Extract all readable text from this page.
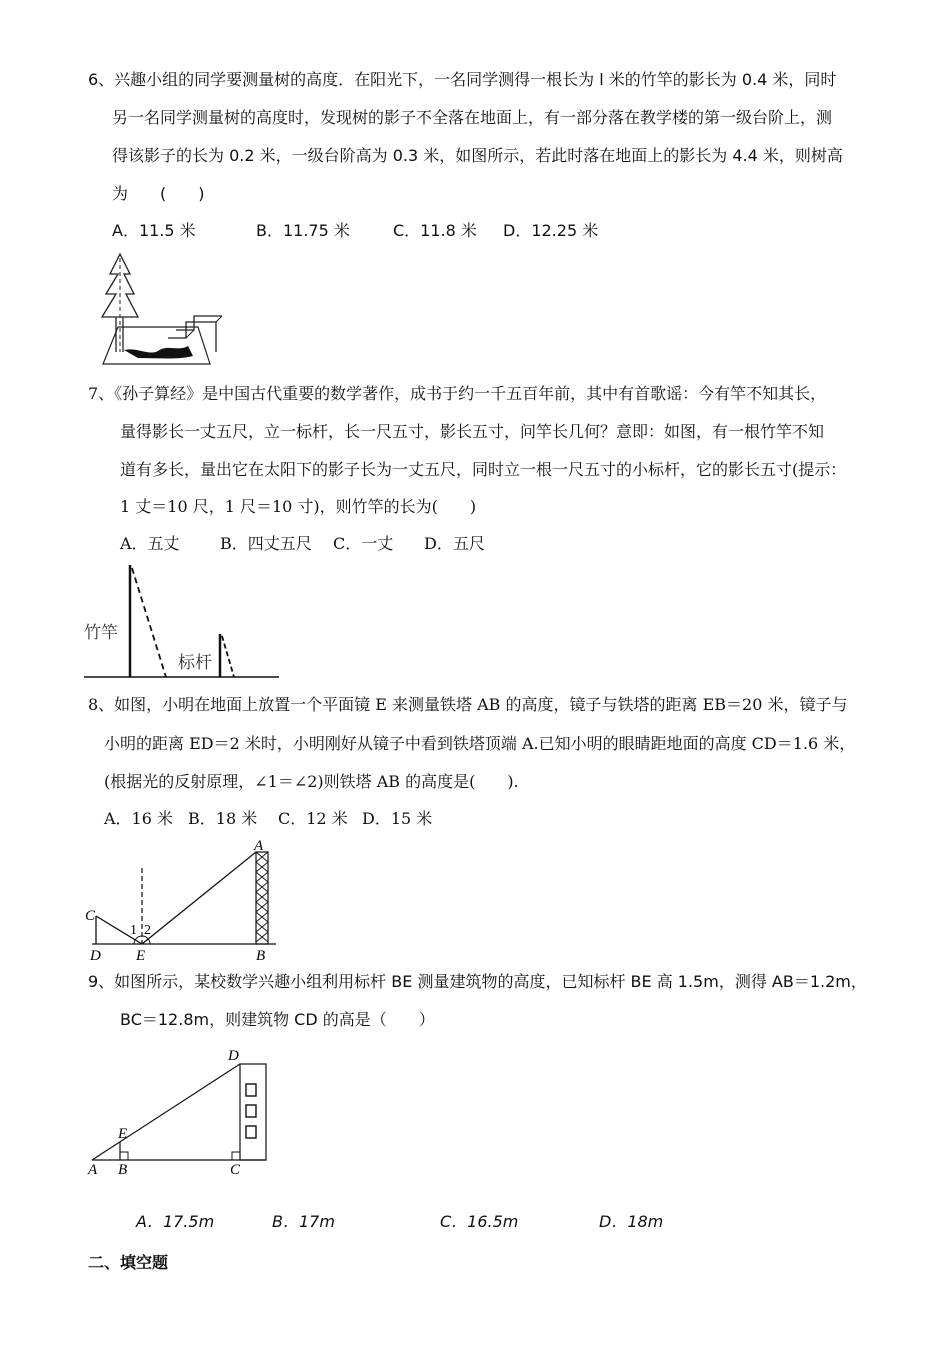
6、兴趣小组的同学要测量树的高度．在阳光下，一名同学测得一根长为 l 米的竹竿的影长为 0.4 米，同时
另一名同学测量树的高度时，发现树的影子不全落在地面上，有一部分落在教学楼的第一级台阶上，测
得该影子的长为 0.2 米，一级台阶高为 0.3 米，如图所示，若此时落在地面上的影长为 4.4 米，则树高
为　　(　　)
A．11.5 米	B．11.75 米	C．11.8 米 D．12.25 米
7、《孙子算经》是中国古代重要的数学著作，成书于约一千五百年前，其中有首歌谣：今有竿不知其长，
量得影长一丈五尺，立一标杆，长一尺五寸，影长五寸，问竿长几何？意即：如图，有一根竹竿不知
道有多长，量出它在太阳下的影子长为一丈五尺，同时立一根一尺五寸的小标杆，它的影长五寸(提示：
1 丈＝10 尺，1 尺＝10 寸)，则竹竿的长为(　　)
A．五丈	B．四丈五尺 C．一丈 D．五尺
竹竿
标杆
8、如图，小明在地面上放置一个平面镜 E 来测量铁塔 AB 的高度，镜子与铁塔的距离 EB＝20 米，镜子与
小明的距离 ED＝2 米时，小明刚好从镜子中看到铁塔顶端 A.已知小明的眼睛距地面的高度 CD＝1.6 米，
(根据光的反射原理，∠1＝∠2)则铁塔 AB 的高度是(　　).
A．16 米 B．18 米 C．12 米 D．15 米
C
D E	B
A
1 2
9、如图所示，某校数学兴趣小组利用标杆 BE 测量建筑物的高度，已知标杆 BE 高 1.5m，测得 AB＝1.2m，
BC＝12.8m，则建筑物 CD 的高是（　　）
A B	C
D
E
A．17.5m	B．17m	C．16.5m	D．18m
二、填空题
